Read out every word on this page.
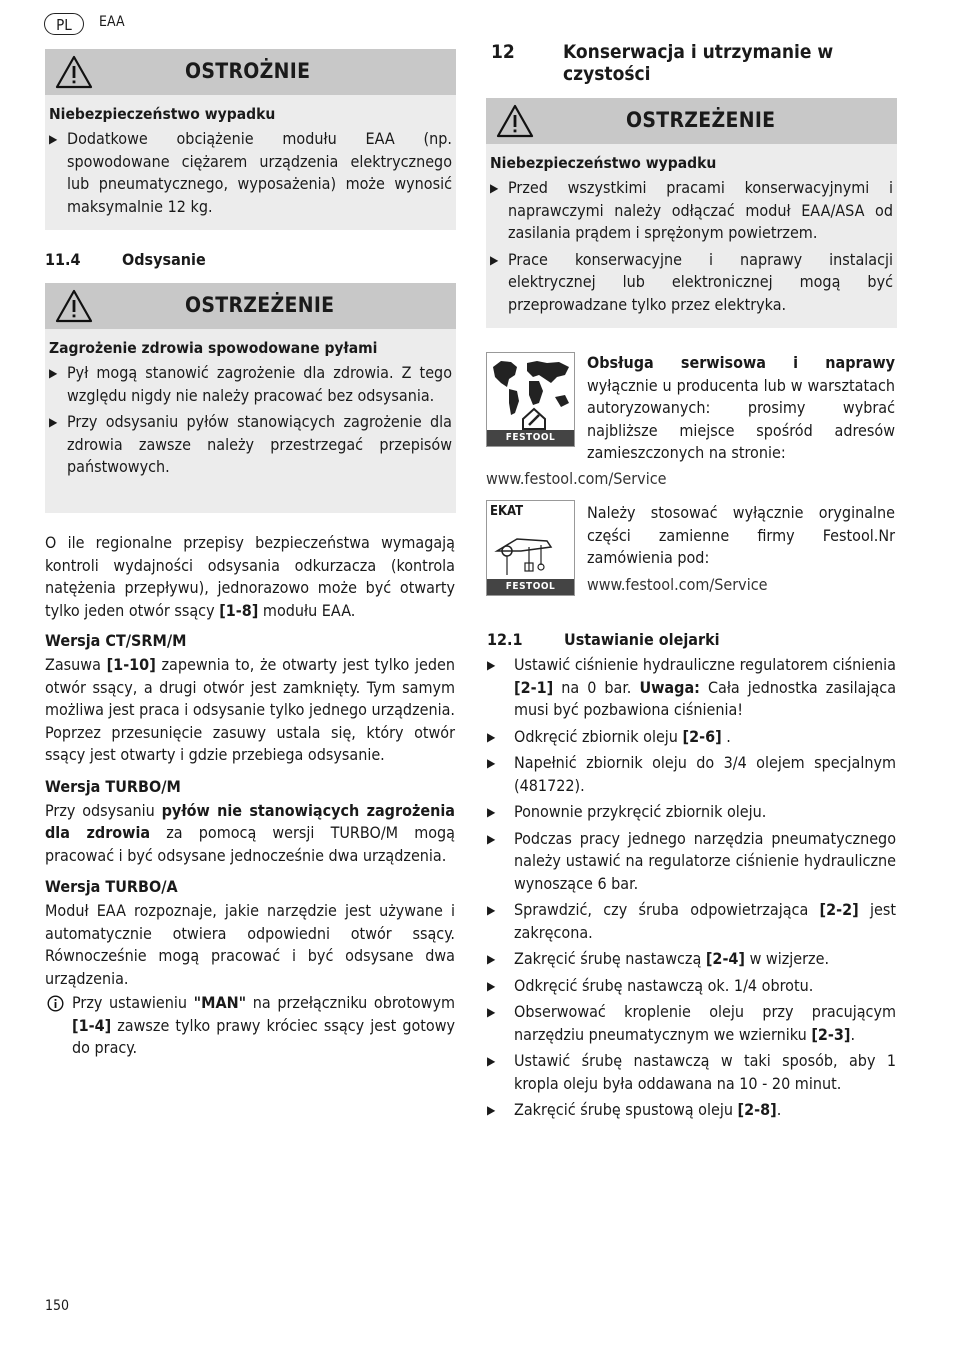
PL	EAA
OSTROŻNIE
Niebezpieczeństwo wypadku
▶ Dodatkowe obciążenie modułu EAA (np. spowodowane ciężarem urządzenia elektrycznego lub pneumatycznego, wyposażenia) może wynosić maksymalnie 12 kg.
11.4	Odsysanie
OSTRZEŻENIE
Zagrożenie zdrowia spowodowane pyłami
▶ Pył mogą stanowić zagrożenie dla zdrowia. Z tego względu nigdy nie należy pracować bez odsysania.
▶ Przy odsysaniu pyłów stanowiących zagrożenie dla zdrowia zawsze należy przestrzegać przepisów państwowych.

O ile regionalne przepisy bezpieczeństwa wymagają kontroli wydajności odsysania odkurzacza (kontrola natężenia przepływu), jednorazowo może być otwarty tylko jeden otwór ssący [1-8] modułu EAA.

Wersja CT/SRM/M

Zasuwa [1-10] zapewnia to, że otwarty jest tylko jeden otwór ssący, a drugi otwór jest zamknięty. Tym samym możliwa jest praca i odsysanie tylko jednego urządzenia. Poprzez przesunięcie zasuwy ustala się, który otwór ssący jest otwarty i gdzie przebiega odsysanie.

Wersja TURBO/M

Przy odsysaniu pyłów nie stanowiących zagrożenia dla zdrowia za pomocą wersji TURBO/M mogą pracować i być odsysane jednocześnie dwa urządzenia.

Wersja TURBO/A

Moduł EAA rozpoznaje, jakie narzędzie jest używane i automatycznie otwiera odpowiedni otwór ssący. Równocześnie mogą pracować i być odsysane dwa urządzenia.

Przy ustawieniu "MAN" na przełączniku obrotowym [1-4] zawsze tylko prawy króciec ssący jest gotowy do pracy.

12	Konserwacja i utrzymanie w czystości
OSTRZEŻENIE
Niebezpieczeństwo wypadku
▶ Przed wszystkimi pracami konserwacyjnymi i naprawczymi należy odłączać moduł EAA/ASA od zasilania prądem i sprężonym powietrzem.
▶ Prace konserwacyjne i naprawy instalacji elektrycznej lub elektronicznej mogą być przeprowadzane tylko przez elektryka.
FESTOOL

Obsługa serwisowa i naprawy wyłącznie u producenta lub w warsztatach autoryzowanych: prosimy wybrać najbliższe miejsce spośród adresów zamieszczonych na stronie:

www.festool.com/Service
EKAT
FESTOOL

Należy stosować wyłącznie oryginalne części zamienne firmy Festool.Nr zamówienia pod:

www.festool.com/Service
12.1	Ustawianie olejarki
▶ Ustawić ciśnienie hydrauliczne regulatorem ciśnienia [2-1] na 0 bar. Uwaga: Cała jednostka zasilająca musi być pozbawiona ciśnienia!
▶ Odkręcić zbiornik oleju [2-6] .
▶ Napełnić zbiornik oleju do 3/4 olejem specjalnym (481722).
▶ Ponownie przykręcić zbiornik oleju.
▶ Podczas pracy jednego narzędzia pneumatycznego należy ustawić na regulatorze ciśnienie hydrauliczne wynoszące 6 bar.
▶ Sprawdzić, czy śruba odpowietrzająca [2-2] jest zakręcona.
▶ Zakręcić śrubę nastawczą [2-4] w wizjerze.
▶ Odkręcić śrubę nastawczą ok. 1/4 obrotu.
▶ Obserwować kroplenie oleju przy pracującym narzędziu pneumatycznym we wzierniku [2-3].
▶ Ustawić śrubę nastawczą w taki sposób, aby 1 kropla oleju była oddawana na 10 - 20 minut.
▶ Zakręcić śrubę spustową oleju [2-8].
150
